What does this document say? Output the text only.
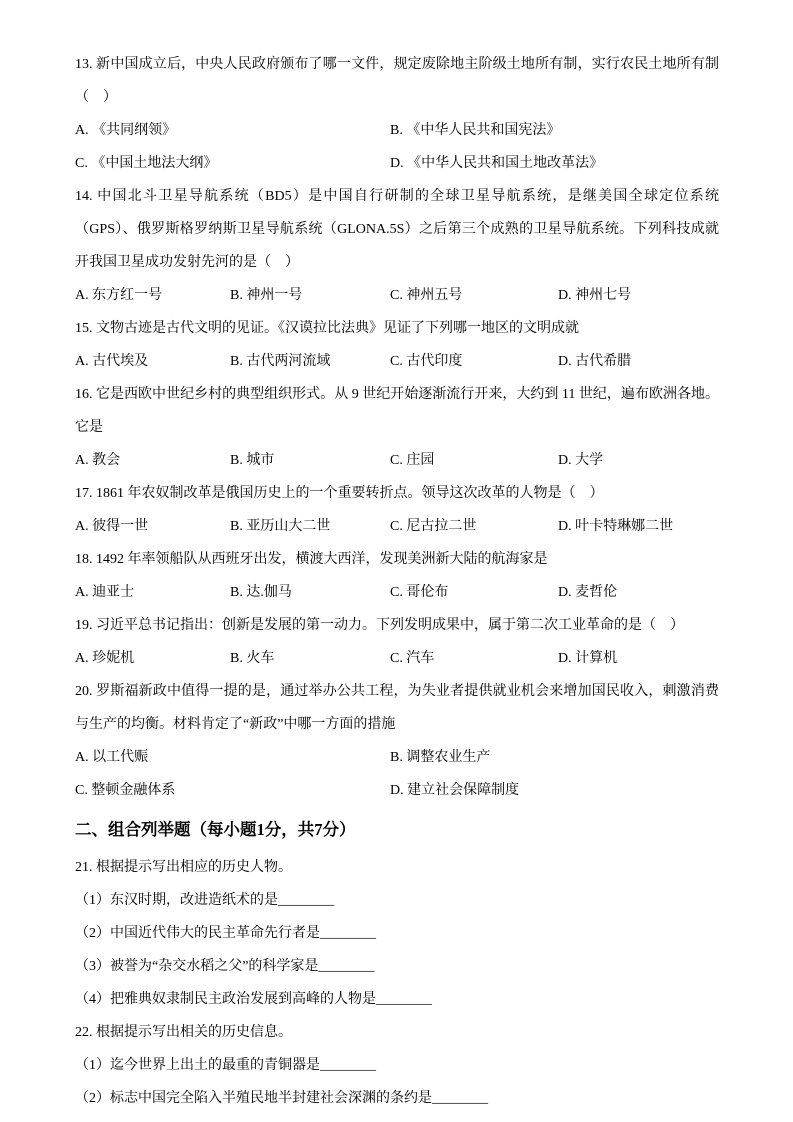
13. 新中国成立后，中央人民政府颁布了哪一文件，规定废除地主阶级土地所有制，实行农民土地所有制（　）

A. 《共同纲领》	B. 《中华人民共和国宪法》
C. 《中国土地法大纲》	D. 《中华人民共和国土地改革法》

14. 中国北斗卫星导航系统（BD5）是中国自行研制的全球卫星导航系统，是继美国全球定位系统（GPS）、俄罗斯格罗纳斯卫星导航系统（GLONA.5S）之后第三个成熟的卫星导航系统。下列科技成就开我国卫星成功发射先河的是（　）

A. 东方红一号	B. 神州一号	C. 神州五号	D. 神州七号

15. 文物古迹是古代文明的见证。《汉谟拉比法典》见证了下列哪一地区的文明成就

A. 古代埃及	B. 古代两河流域	C. 古代印度	D. 古代希腊

16. 它是西欧中世纪乡村的典型组织形式。从 9 世纪开始逐渐流行开来，大约到 11 世纪，遍布欧洲各地。它是

A. 教会	B. 城市	C. 庄园	D. 大学

17. 1861 年农奴制改革是俄国历史上的一个重要转折点。领导这次改革的人物是（　）

A. 彼得一世	B. 亚历山大二世	C. 尼古拉二世	D. 叶卡特琳娜二世

18. 1492 年率领船队从西班牙出发，横渡大西洋，发现美洲新大陆的航海家是

A. 迪亚士	B. 达.伽马	C. 哥伦布	D. 麦哲伦

19. 习近平总书记指出：创新是发展的第一动力。下列发明成果中，属于第二次工业革命的是（　）

A. 珍妮机	B. 火车	C. 汽车	D. 计算机

20. 罗斯福新政中值得一提的是，通过举办公共工程，为失业者提供就业机会来增加国民收入，刺激消费与生产的均衡。材料肯定了“新政”中哪一方面的措施

A. 以工代赈	B. 调整农业生产
C. 整顿金融体系	D. 建立社会保障制度
二、组合列举题（每小题1分，共7分）

21. 根据提示写出相应的历史人物。

（1）东汉时期，改进造纸术的是________

（2）中国近代伟大的民主革命先行者是________

（3）被誉为“杂交水稻之父”的科学家是________

（4）把雅典奴隶制民主政治发展到高峰的人物是________

22. 根据提示写出相关的历史信息。

（1）迄今世界上出土的最重的青铜器是________

（2）标志中国完全陷入半殖民地半封建社会深渊的条约是________
